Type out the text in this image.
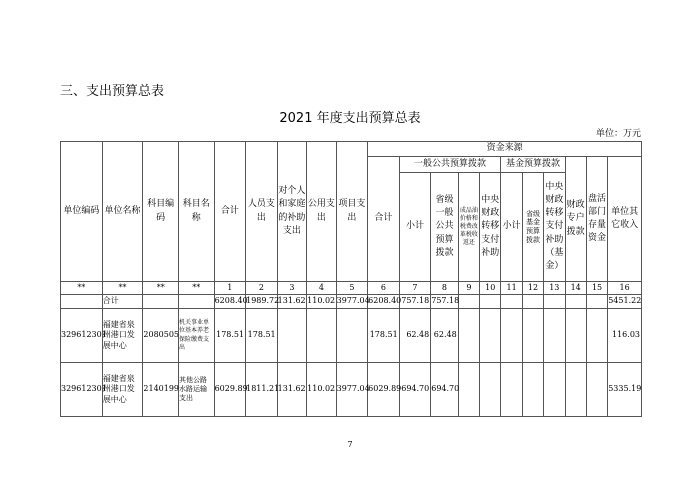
三、支出预算总表
2021 年度支出预算总表
单位：万元
单位编码	单位名称	科目编码	科目名称	合计	人员支出	对个人和家庭的补助支出	公用支出	项目支出	资金来源										
									合计	一般公共预算拨款				基金预算拨款			财政专户拨款	盘活部门存量资金	单位其它收入
										小计	省级一般公共预算拨款	成品油价格和税费改革税收返还	中央财政转移支付补助	小计	省级基金预算拨款	中央财政转移支付补助（基金）			

**	**	**	**	1	2	3	4	5	6	7	8	9	10	11	12	13	14	15	16
	合计			6208.40	1989.72	131.62	110.02	3977.04	6208.40	757.18	757.18								5451.22
329612301	福建省泉州港口发展中心	2080505	机关事业单位基本养老保险缴费支出	178.51	178.51				178.51	62.48	62.48								116.03
329612301	福建省泉州港口发展中心	2140199	其他公路水路运输支出	6029.89	1811.21	131.62	110.02	3977.04	6029.89	694.70	694.70								5335.19
7
